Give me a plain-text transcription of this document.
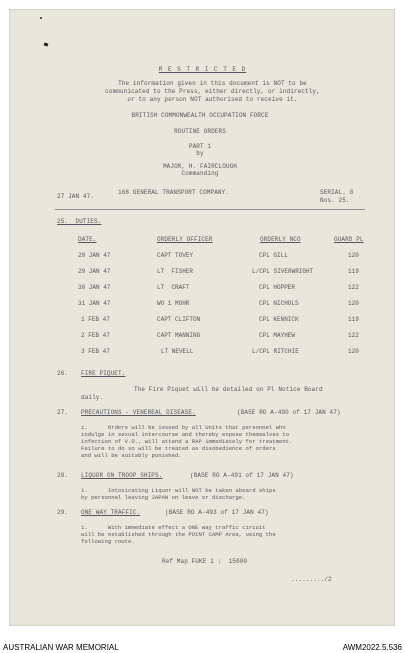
R E S T R I C T E D
The information given in this document is NOT to be
communicated to the Press, either directly, or indirectly,
or to any person NOT authorised to receive it.
BRITISH COMMONWEALTH OCCUPATION FORCE
ROUTINE ORDERS
PART 1
by
MAJOR, H. FAIRCLOUGH
Commanding
27 JAN 47.
168 GENERAL TRANSPORT COMPANY.	SERIAL. 8
Nos. 25.
25.  DUTIES.
DATE.	ORDERLY OFFICER	ORDERLY NCO	GUARD PL
28 JAN 47	CAPT TOVEY	CPL GILL	120
29 JAN 47	LT  FISHER	L/CPL SIVERWRIGHT	119
30 JAN 47	LT  CRAFT	CPL HOPPER	122
31 JAN 47	WO 1 MOHR	CPL NICHOLS	120
1 FEB 47	CAPT CLIFTON	CPL KENNICK	119
2 FEB 47	CAPT MANNING	CPL MAYHEW	122
3 FEB 47	LT NEVELL	L/CPL RITCHIE	120
26. FIRE PIQUET.
The Fire Piquet will be detailed on Pl Notice Board
daily.
27. PRECAUTIONS - VENEREAL DISEASE.	(BASE RO A-490 of 17 JAN 47)
1.      Orders will be issued by all Units that personnel who
indulge in sexual intercourse and thereby expose themselves to
infection of V.D., will attend a RAP immediately for treatment.
Failure to do so will be treated as disobedience of orders
and will be suitably punished.
28. LIQUOR ON TROOP SHIPS.	(BASE RO A-491 of 17 JAN 47)
1.      Intoxicating Liquor will NOT be taken aboard ships
by personnel leaving JAPAN on leave or discharge.
29. ONE WAY TRAFFIC.	(BASE RO A-493 of 17 JAN 47)
1.      With immediate effect a ONE way traffic circuit
will be established through the POINT CAMP Area, using the
following route.
Ref Map FUKE 1 :  15000
........./2
AUSTRALIAN WAR MEMORIAL	AWM2022.5.536
